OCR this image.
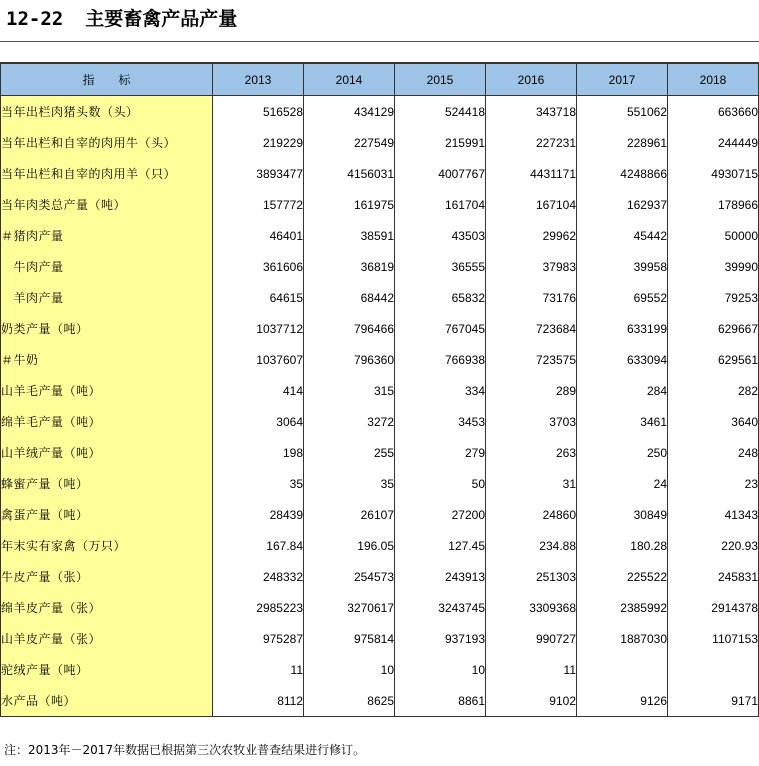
12-22 主要畜禽产品产量
指　　标	2013	2014	2015	2016	2017	2018
当年出栏肉猪头数（头）	516528	434129	524418	343718	551062	663660
当年出栏和自宰的肉用牛（头）	219229	227549	215991	227231	228961	244449
当年出栏和自宰的肉用羊（只）	3893477	4156031	4007767	4431171	4248866	4930715
当年肉类总产量（吨）	157772	161975	161704	167104	162937	178966
＃猪肉产量	46401	38591	43503	29962	45442	50000
　牛肉产量	361606	36819	36555	37983	39958	39990
　羊肉产量	64615	68442	65832	73176	69552	79253
奶类产量（吨）	1037712	796466	767045	723684	633199	629667
＃牛奶	1037607	796360	766938	723575	633094	629561
山羊毛产量（吨）	414	315	334	289	284	282
绵羊毛产量（吨）	3064	3272	3453	3703	3461	3640
山羊绒产量（吨）	198	255	279	263	250	248
蜂蜜产量（吨）	35	35	50	31	24	23
禽蛋产量（吨）	28439	26107	27200	24860	30849	41343
年末实有家禽（万只）	167.84	196.05	127.45	234.88	180.28	220.93
牛皮产量（张）	248332	254573	243913	251303	225522	245831
绵羊皮产量（张）	2985223	3270617	3243745	3309368	2385992	2914378
山羊皮产量（张）	975287	975814	937193	990727	1887030	1107153
驼绒产量（吨）	11	10	10	11		
水产品（吨）	8112	8625	8861	9102	9126	9171
注：2013年－2017年数据已根据第三次农牧业普查结果进行修订。
